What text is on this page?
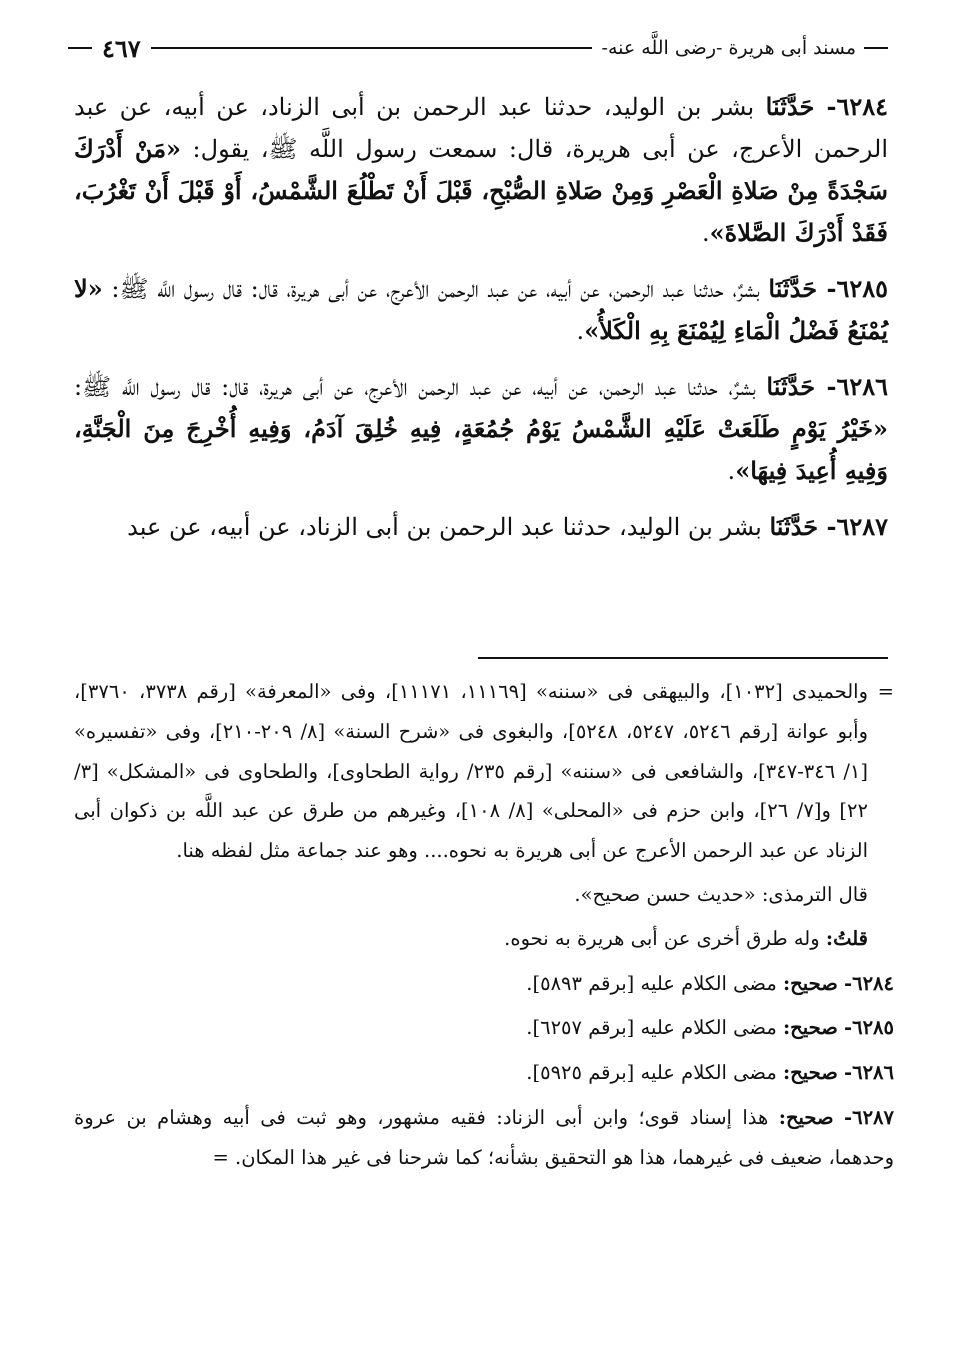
مسند أبى هريرة -رضى اللَّه عنه-
٤٦٧

٦٢٨٤- حَدَّثَنَا بشر بن الوليد، حدثنا عبد الرحمن بن أبى الزناد، عن أبيه، عن عبد الرحمن الأعرج، عن أبى هريرة، قال: سمعت رسول اللَّه ﷺ، يقول: «مَنْ أَدْرَكَ سَجْدَةً مِنْ صَلاةِ الْعَصْرِ وَمِنْ صَلاةِ الصُّبْحِ، قَبْلَ أَنْ تَطْلُعَ الشَّمْسُ، أَوْ قَبْلَ أَنْ تَغْرُبَ، فَقَدْ أَدْرَكَ الصَّلاةَ».

٦٢٨٥- حَدَّثَنَا بشرٌ، حدثنا عبد الرحمن، عن أبيه، عن عبد الرحمن الأعرج، عن أبى هريرة، قال: قال رسول اللَّه ﷺ: «لا يُمْنَعُ فَضْلُ الْمَاءِ لِيُمْنَعَ بِهِ الْكَلأُ».

٦٢٨٦- حَدَّثَنَا بشرٌ، حدثنا عبد الرحمن، عن أبيه، عن عبد الرحمن الأعرج، عن أبى هريرة، قال: قال رسول اللَّه ﷺ: «خَيْرُ يَوْمٍ طَلَعَتْ عَلَيْهِ الشَّمْسُ يَوْمُ جُمُعَةٍ، فِيهِ خُلِقَ آدَمُ، وَفِيهِ أُخْرِجَ مِنَ الْجَنَّةِ، وَفِيهِ أُعِيدَ فِيهَا».

٦٢٨٧- حَدَّثَنَا بشر بن الوليد، حدثنا عبد الرحمن بن أبى الزناد، عن أبيه، عن عبد

=والحميدى [١٠٣٢]، والبيهقى فى «سننه» [١١١٦٩، ١١١٧١]، وفى «المعرفة» [رقم ٣٧٣٨، ٣٧٦٠]، وأبو عوانة [رقم ٥٢٤٦، ٥٢٤٧، ٥٢٤٨]، والبغوى فى «شرح السنة» [٨/ ٢٠٩-٢١٠]، وفى «تفسيره» [١/ ٣٤٦-٣٤٧]، والشافعى فى «سننه» [رقم ٢٣٥/ رواية الطحاوى]، والطحاوى فى «المشكل» [٣/ ٢٢] و[٧/ ٢٦]، وابن حزم فى «المحلى» [٨/ ١٠٨]، وغيرهم من طرق عن عبد اللَّه بن ذكوان أبى الزناد عن عبد الرحمن الأعرج عن أبى هريرة به نحوه.... وهو عند جماعة مثل لفظه هنا.

قال الترمذى: «حديث حسن صحيح».

قلتُ: وله طرق أخرى عن أبى هريرة به نحوه.

٦٢٨٤- صحيح: مضى الكلام عليه [برقم ٥٨٩٣].

٦٢٨٥- صحيح: مضى الكلام عليه [برقم ٦٢٥٧].

٦٢٨٦- صحيح: مضى الكلام عليه [برقم ٥٩٢٥].

٦٢٨٧- صحيح: هذا إسناد قوى؛ وابن أبى الزناد: فقيه مشهور، وهو ثبت فى أبيه وهشام بن عروة وحدهما، ضعيف فى غيرهما، هذا هو التحقيق بشأنه؛ كما شرحنا فى غير هذا المكان. =
